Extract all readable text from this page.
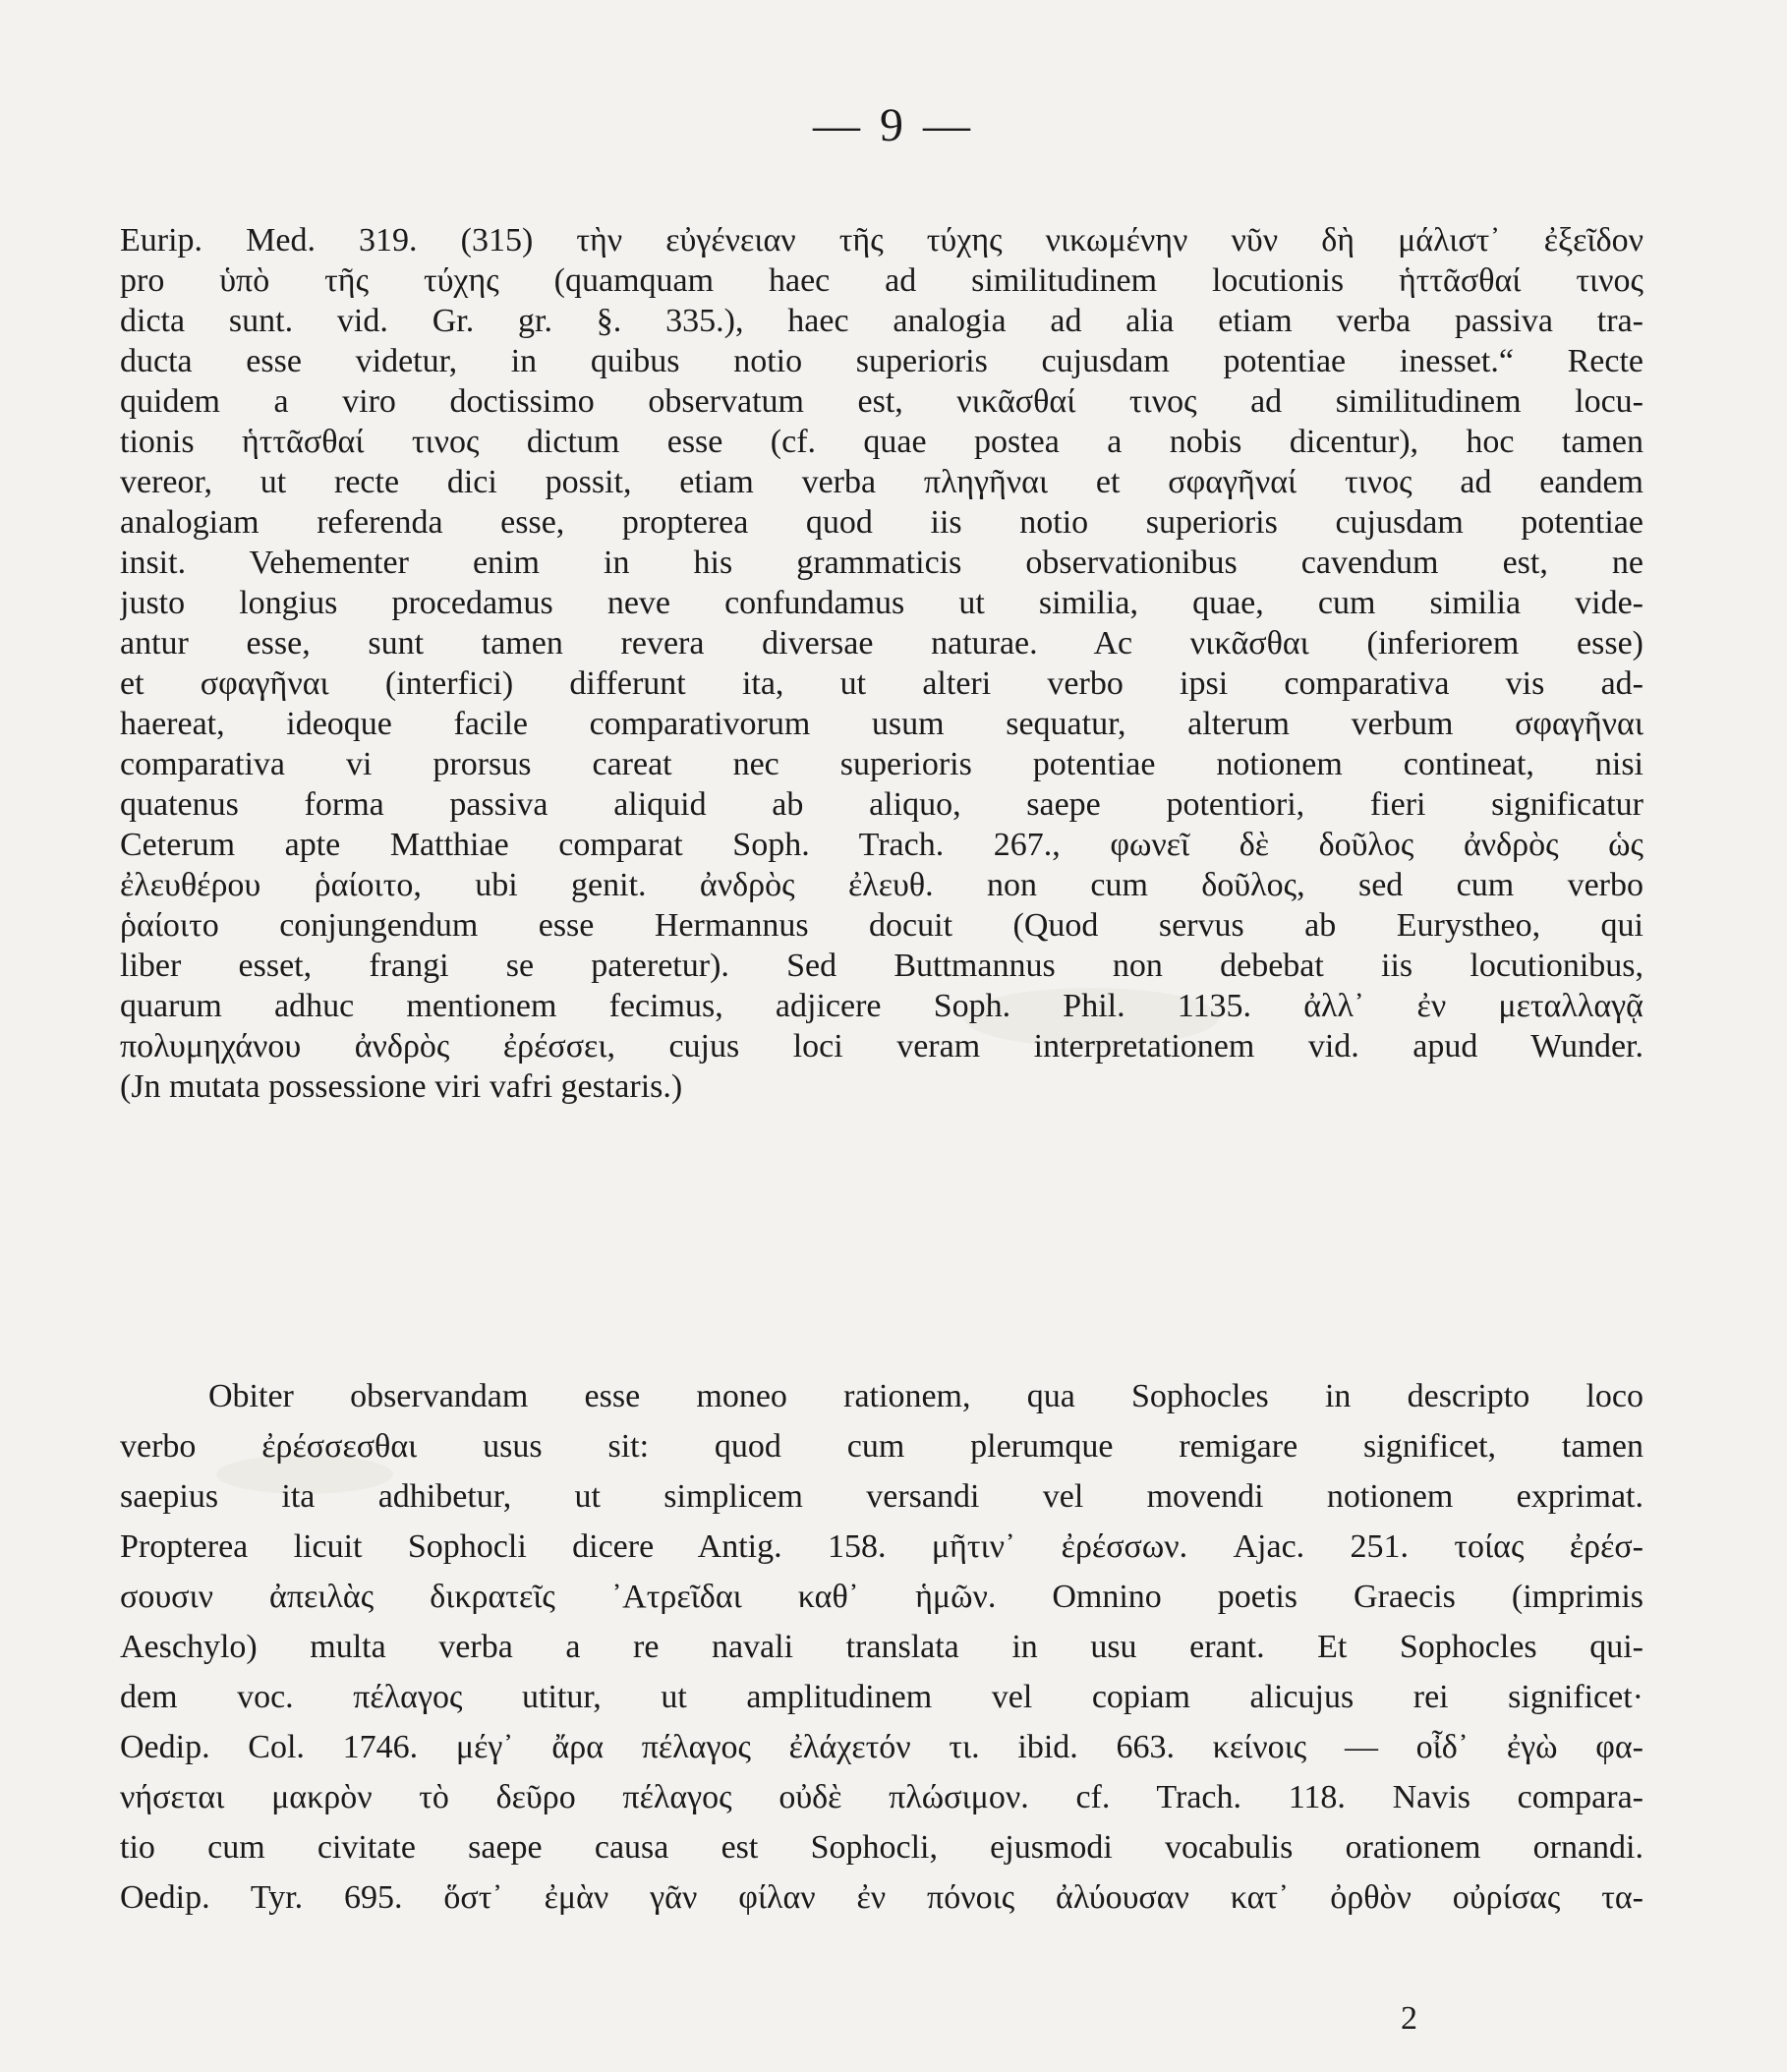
— 9 —
Eurip. Med. 319. (315) τὴν εὐγένειαν τῆς τύχης νικωμένην νῦν δὴ μάλιστ᾽ ἐξεῖδον
pro ὑπὸ τῆς τύχης (quamquam haec ad similitudinem locutionis ἡττᾶσθαί τινος
dicta sunt. vid. Gr. gr. §. 335.), haec analogia ad alia etiam verba passiva tra-
ducta esse videtur, in quibus notio superioris cujusdam potentiae inesset.“ Recte
quidem a viro doctissimo observatum est, νικᾶσθαί τινος ad similitudinem locu-
tionis ἡττᾶσθαί τινος dictum esse (cf. quae postea a nobis dicentur), hoc tamen
vereor, ut recte dici possit, etiam verba πληγῆναι et σφαγῆναί τινος ad eandem
analogiam referenda esse, propterea quod iis notio superioris cujusdam potentiae
insit. Vehementer enim in his grammaticis observationibus cavendum est, ne
justo longius procedamus neve confundamus ut similia, quae, cum similia vide-
antur esse, sunt tamen revera diversae naturae. Ac νικᾶσθαι (inferiorem esse)
et σφαγῆναι (interfici) differunt ita, ut alteri verbo ipsi comparativa vis ad-
haereat, ideoque facile comparativorum usum sequatur, alterum verbum σφαγῆναι
comparativa vi prorsus careat nec superioris potentiae notionem contineat, nisi
quatenus forma passiva aliquid ab aliquo, saepe potentiori, fieri significatur
Ceterum apte Matthiae comparat Soph. Trach. 267., φωνεῖ δὲ δοῦλος ἀνδρὸς ὡς
ἐλευθέρου ῥαίοιτο, ubi genit. ἀνδρὸς ἐλευθ. non cum δοῦλος, sed cum verbo
ῥαίοιτο conjungendum esse Hermannus docuit (Quod servus ab Eurystheo, qui
liber esset, frangi se pateretur). Sed Buttmannus non debebat iis locutionibus,
quarum adhuc mentionem fecimus, adjicere Soph. Phil. 1135. ἀλλ᾽ ἐν μεταλλαγᾷ
πολυμηχάνου ἀνδρὸς ἐρέσσει, cujus loci veram interpretationem vid. apud Wunder.
(Jn mutata possessione viri vafri gestaris.)
Obiter observandam esse moneo rationem, qua Sophocles in descripto loco
verbo ἐρέσσεσθαι usus sit: quod cum plerumque remigare significet, tamen
saepius ita adhibetur, ut simplicem versandi vel movendi notionem exprimat.
Propterea licuit Sophocli dicere Antig. 158. μῆτιν᾽ ἐρέσσων. Ajac. 251. τοίας ἐρέσ-
σουσιν ἀπειλὰς δικρατεῖς ᾽Ατρεῖδαι καθ᾽ ἡμῶν. Omnino poetis Graecis (imprimis
Aeschylo) multa verba a re navali translata in usu erant. Et Sophocles qui-
dem voc. πέλαγος utitur, ut amplitudinem vel copiam alicujus rei significet·
Oedip. Col. 1746. μέγ᾽ ἄρα πέλαγος ἐλάχετόν τι. ibid. 663. κείνοις — οἶδ᾽ ἐγὼ φα-
νήσεται μακρὸν τὸ δεῦρο πέλαγος οὐδὲ πλώσιμον. cf. Trach. 118. Navis compara-
tio cum civitate saepe causa est Sophocli, ejusmodi vocabulis orationem ornandi.
Oedip. Tyr. 695. ὅστ᾽ ἐμὰν γᾶν φίλαν ἐν πόνοις ἀλύουσαν κατ᾽ ὀρθὸν οὐρίσας τα-
2
